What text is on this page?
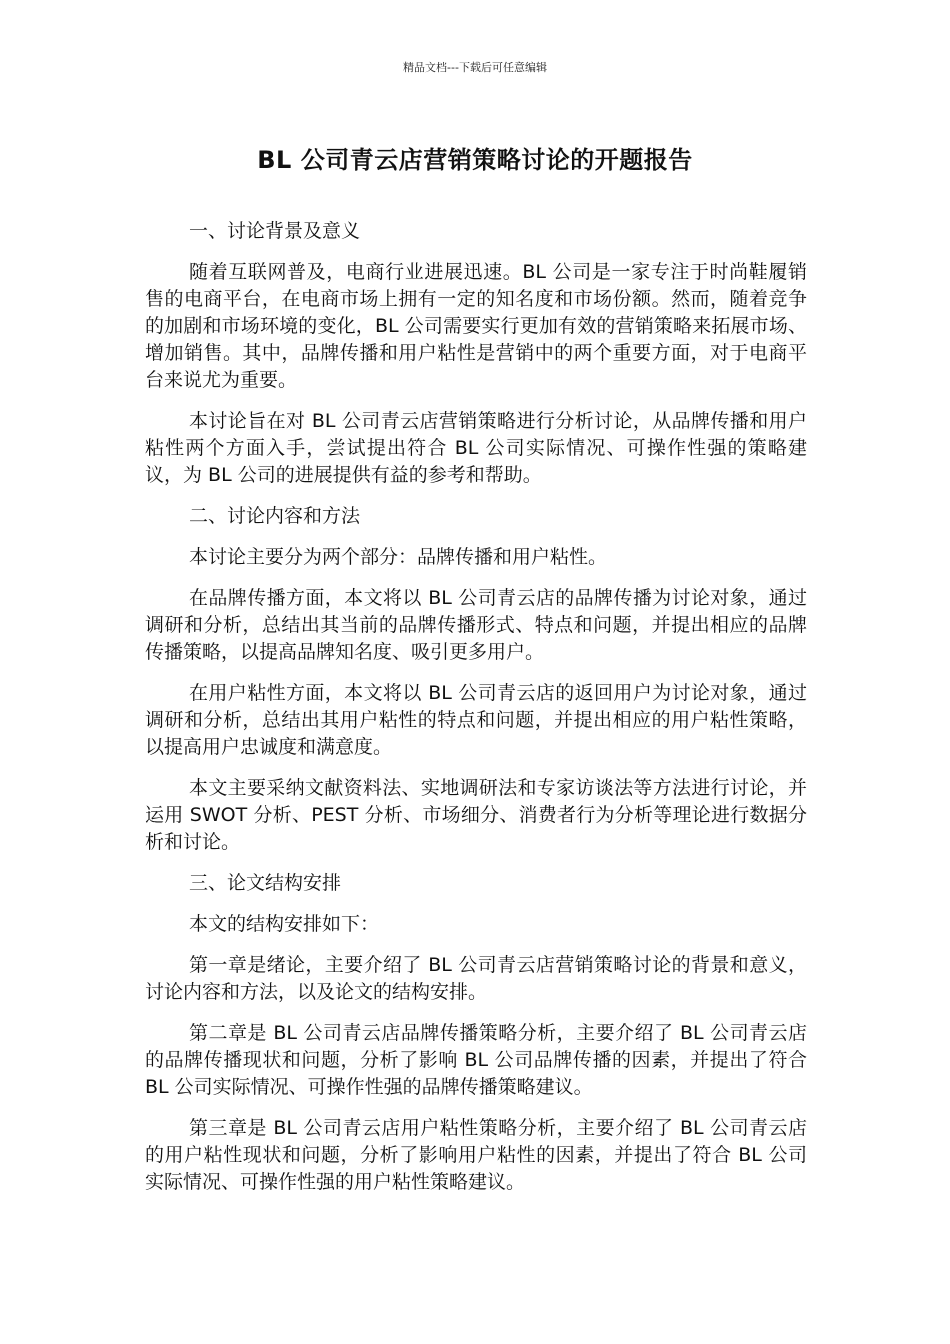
精品文档---下载后可任意编辑
BL 公司青云店营销策略讨论的开题报告
一、讨论背景及意义

随着互联网普及，电商行业进展迅速。BL 公司是一家专注于时尚鞋履销售的电商平台，在电商市场上拥有一定的知名度和市场份额。然而，随着竞争的加剧和市场环境的变化，BL 公司需要实行更加有效的营销策略来拓展市场、增加销售。其中，品牌传播和用户粘性是营销中的两个重要方面，对于电商平台来说尤为重要。

本讨论旨在对 BL 公司青云店营销策略进行分析讨论，从品牌传播和用户粘性两个方面入手，尝试提出符合 BL 公司实际情况、可操作性强的策略建议，为 BL 公司的进展提供有益的参考和帮助。

二、讨论内容和方法

本讨论主要分为两个部分：品牌传播和用户粘性。

在品牌传播方面，本文将以 BL 公司青云店的品牌传播为讨论对象，通过调研和分析，总结出其当前的品牌传播形式、特点和问题，并提出相应的品牌传播策略，以提高品牌知名度、吸引更多用户。

在用户粘性方面，本文将以 BL 公司青云店的返回用户为讨论对象，通过调研和分析，总结出其用户粘性的特点和问题，并提出相应的用户粘性策略，以提高用户忠诚度和满意度。

本文主要采纳文献资料法、实地调研法和专家访谈法等方法进行讨论，并运用 SWOT 分析、PEST 分析、市场细分、消费者行为分析等理论进行数据分析和讨论。

三、论文结构安排

本文的结构安排如下：

第一章是绪论，主要介绍了 BL 公司青云店营销策略讨论的背景和意义，讨论内容和方法，以及论文的结构安排。

第二章是 BL 公司青云店品牌传播策略分析，主要介绍了 BL 公司青云店的品牌传播现状和问题，分析了影响 BL 公司品牌传播的因素，并提出了符合 BL 公司实际情况、可操作性强的品牌传播策略建议。

第三章是 BL 公司青云店用户粘性策略分析，主要介绍了 BL 公司青云店的用户粘性现状和问题，分析了影响用户粘性的因素，并提出了符合 BL 公司实际情况、可操作性强的用户粘性策略建议。
